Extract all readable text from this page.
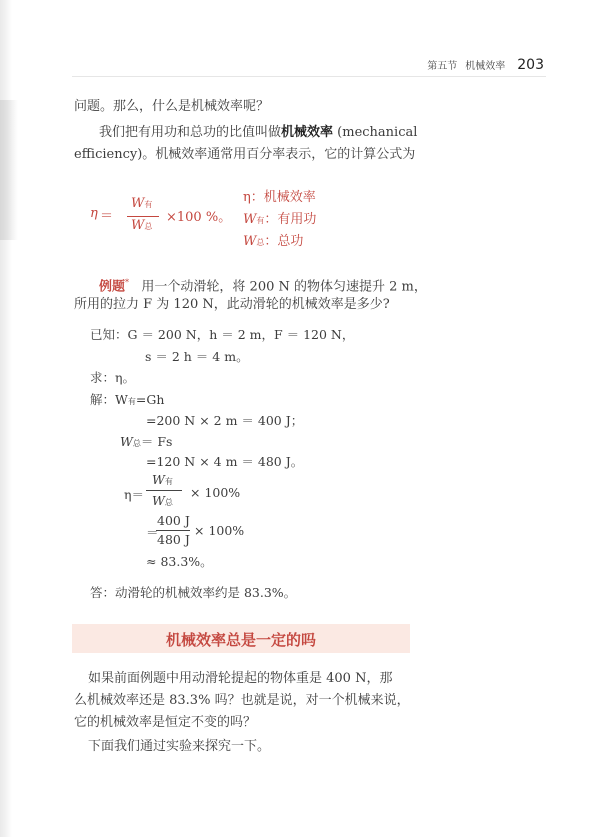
第五节 机械效率 203
问题。那么，什么是机械效率呢？
我们把有用功和总功的比值叫做机械效率 (mechanical
efficiency)。机械效率通常用百分率表示，它的计算公式为
η ＝
W有
W总
×100 %。
η：机械效率
W有：有用功
W总：总功
例题* 用一个动滑轮，将 200 N 的物体匀速提升 2 m，
所用的拉力 F 为 120 N，此动滑轮的机械效率是多少?
已知：G ＝ 200 N，h ＝ 2 m，F ＝ 120 N，
s ＝ 2 h ＝ 4 m。
求：η。
解：W有=Gh
=200 N × 2 m ＝ 400 J；
W总＝ Fs
=120 N × 4 m ＝ 480 J。
η＝
W有
W总
× 100%
＝
400 J
480 J
× 100%
≈ 83.3%。
答：动滑轮的机械效率约是 83.3%。
机械效率总是一定的吗
如果前面例题中用动滑轮提起的物体重是 400 N，那
么机械效率还是 83.3% 吗？也就是说，对一个机械来说，
它的机械效率是恒定不变的吗？
下面我们通过实验来探究一下。
